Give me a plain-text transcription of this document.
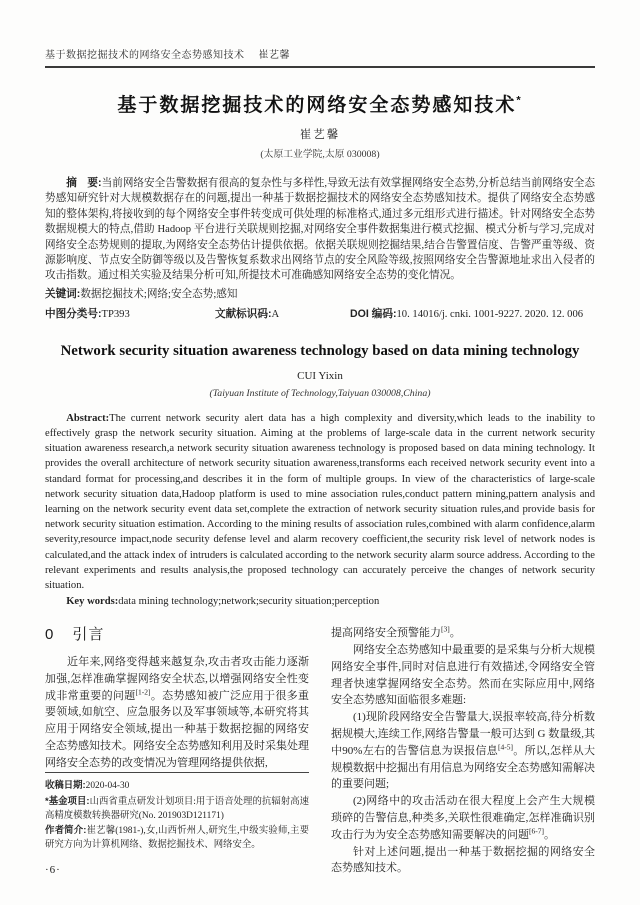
基于数据挖掘技术的网络安全态势感知技术 崔艺馨
基于数据挖掘技术的网络安全态势感知技术*
崔艺馨
(太原工业学院,太原 030008)
摘　要:当前网络安全告警数据有很高的复杂性与多样性,导致无法有效掌握网络安全态势,分析总结当前网络安全态势感知研究针对大规模数据存在的问题,提出一种基于数据挖掘技术的网络安全态势感知技术。提供了网络安全态势感知的整体架构,将接收到的每个网络安全事件转变成可供处理的标准格式,通过多元组形式进行描述。针对网络安全态势数据规模大的特点,借助 Hadoop 平台进行关联规则挖掘,对网络安全事件数据集进行模式挖掘、模式分析与学习,完成对网络安全态势规则的提取,为网络安全态势估计提供依据。依据关联规则挖掘结果,结合告警置信度、告警严重等级、资源影响度、节点安全防御等级以及告警恢复系数求出网络节点的安全风险等级,按照网络安全告警源地址求出入侵者的攻击指数。通过相关实验及结果分析可知,所提技术可准确感知网络安全态势的变化情况。
关键词:数据挖掘技术;网络;安全态势;感知
中图分类号:TP393	文献标识码:A	DOI 编码:10. 14016/j. cnki. 1001-9227. 2020. 12. 006
Network security situation awareness technology based on data mining technology
CUI Yixin
(Taiyuan Institute of Technology,Taiyuan 030008,China)
Abstract:The current network security alert data has a high complexity and diversity,which leads to the inability to effectively grasp the network security situation. Aiming at the problems of large-scale data in the current network security situation awareness research,a network security situation awareness technology is proposed based on data mining technology. It provides the overall architecture of network security situation awareness,transforms each received network security event into a standard format for processing,and describes it in the form of multiple groups. In view of the characteristics of large-scale network security situation data,Hadoop platform is used to mine association rules,conduct pattern mining,pattern analysis and learning on the network security event data set,complete the extraction of network security situation rules,and provide basis for network security situation estimation. According to the mining results of association rules,combined with alarm confidence,alarm severity,resource impact,node security defense level and alarm recovery coefficient,the security risk level of network nodes is calculated,and the attack index of intruders is calculated according to the network security alarm source address. According to the relevant experiments and results analysis,the proposed technology can accurately perceive the changes of network security situation.
Key words:data mining technology;network;security situation;perception
0 引言

近年来,网络变得越来越复杂,攻击者攻击能力逐渐加强,怎样准确掌握网络安全状态,以增强网络安全性变成非常重要的问题[1-2]。态势感知被广泛应用于很多重要领域,如航空、应急服务以及军事领域等,本研究将其应用于网络安全领域,提出一种基于数据挖掘的网络安全态势感知技术。网络安全态势感知利用及时采集处理网络安全态势的改变情况为管理网络提供依据,

收稿日期:2020-04-30
*基金项目:山西省重点研发计划项目:用于语音处理的抗辐射高速高精度模数转换器研究(No. 201903D121171)
作者简介:崔艺馨(1981-),女,山西忻州人,研究生,中级实验师,主要研究方向为计算机网络、数据挖掘技术、网络安全。
·6·

提高网络安全预警能力[3]。

网络安全态势感知中最重要的是采集与分析大规模网络安全事件,同时对信息进行有效描述,令网络安全管理者快速掌握网络安全态势。然而在实际应用中,网络安全态势感知面临很多难题:

(1)现阶段网络安全告警量大,误报率较高,待分析数据规模大,连续工作,网络告警量一般可达到 G 数量级,其中90%左右的告警信息为误报信息[4-5]。所以,怎样从大规模数据中挖掘出有用信息为网络安全态势感知需解决的重要问题;

(2)网络中的攻击活动在很大程度上会产生大规模琐碎的告警信息,种类多,关联性很难确定,怎样准确识别攻击行为为安全态势感知需要解决的问题[6-7]。

针对上述问题,提出一种基于数据挖掘的网络安全态势感知技术。
